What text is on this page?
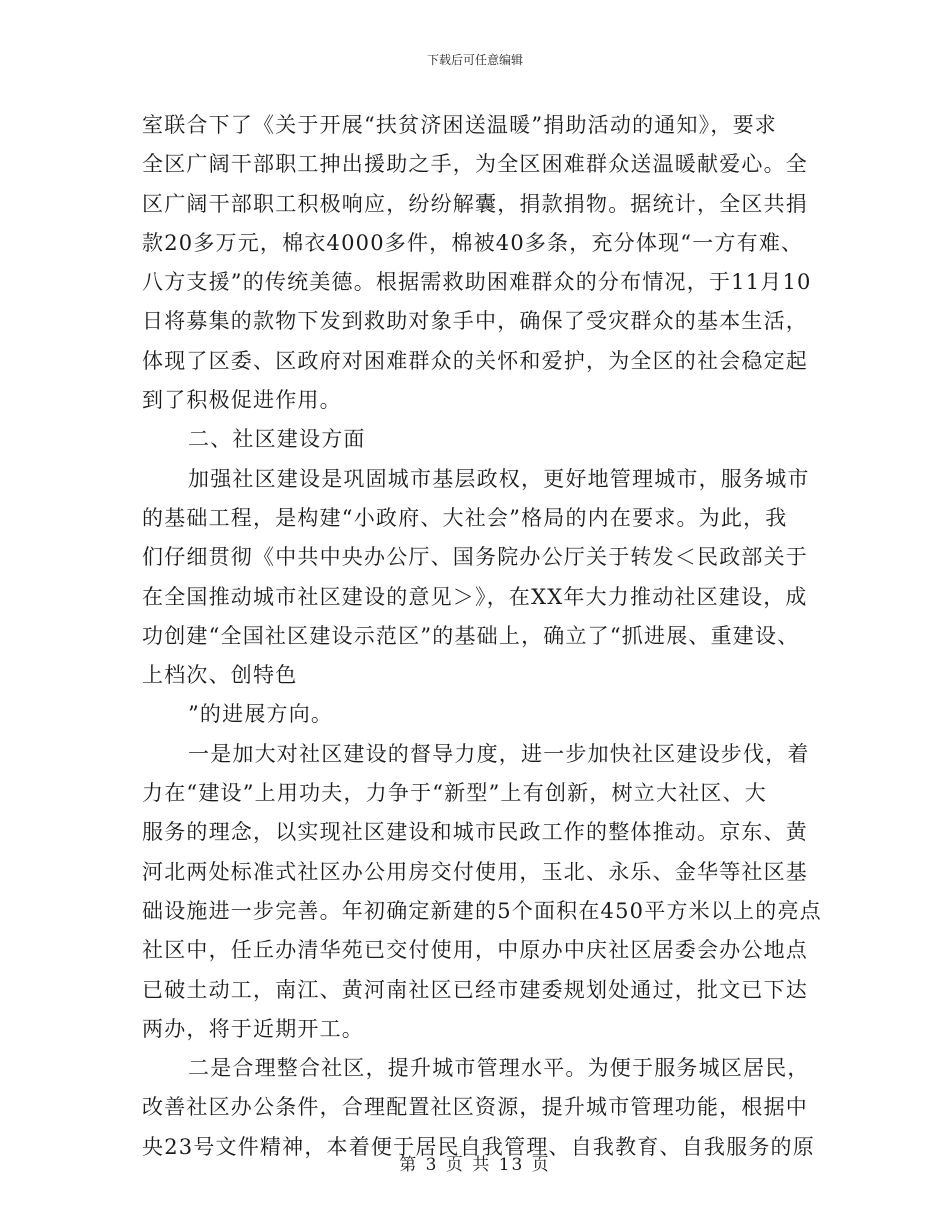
下载后可任意编辑
室联合下了《关于开展“扶贫济困送温暖”捐助活动的通知》，要求
全区广阔干部职工抻出援助之手，为全区困难群众送温暖献爱心。全
区广阔干部职工积极响应，纷纷解囊，捐款捐物。据统计，全区共捐
款20多万元，棉衣4000多件，棉被40多条，充分体现“一方有难、
八方支援”的传统美德。根据需救助困难群众的分布情况，于11月10
日将募集的款物下发到救助对象手中，确保了受灾群众的基本生活，
体现了区委、区政府对困难群众的关怀和爱护，为全区的社会稳定起
到了积极促进作用。
二、社区建设方面
加强社区建设是巩固城市基层政权，更好地管理城市，服务城市
的基础工程，是构建“小政府、大社会”格局的内在要求。为此，我
们仔细贯彻《中共中央办公厅、国务院办公厅关于转发＜民政部关于
在全国推动城市社区建设的意见＞》，在XX年大力推动社区建设，成
功创建“全国社区建设示范区”的基础上，确立了“抓进展、重建设、
上档次、创特色
”的进展方向。
一是加大对社区建设的督导力度，进一步加快社区建设步伐，着
力在“建设”上用功夫，力争于“新型”上有创新，树立大社区、大
服务的理念，以实现社区建设和城市民政工作的整体推动。京东、黄
河北两处标准式社区办公用房交付使用，玉北、永乐、金华等社区基
础设施进一步完善。年初确定新建的5个面积在450平方米以上的亮点
社区中，任丘办清华苑已交付使用，中原办中庆社区居委会办公地点
已破土动工，南江、黄河南社区已经市建委规划处通过，批文已下达
两办，将于近期开工。
二是合理整合社区，提升城市管理水平。为便于服务城区居民，
改善社区办公条件，合理配置社区资源，提升城市管理功能，根据中
央23号文件精神，本着便于居民自我管理、自我教育、自我服务的原
第 3 页 共 13 页
